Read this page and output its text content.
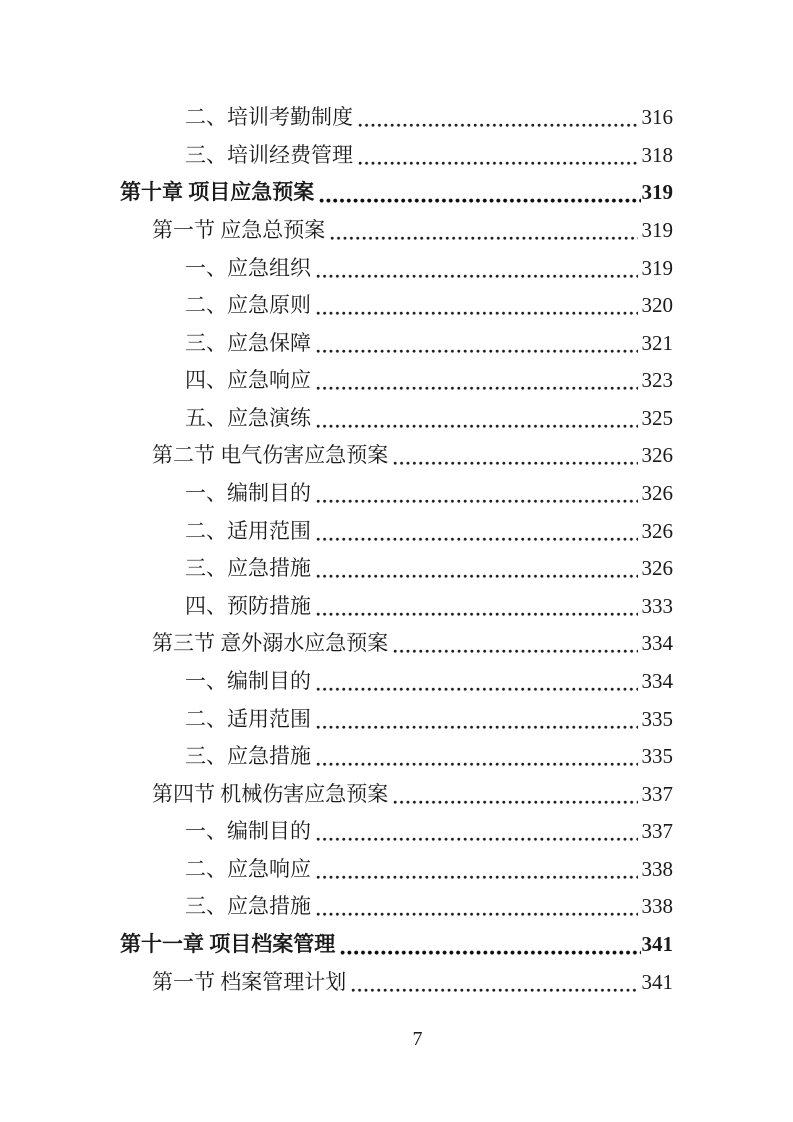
二、培训考勤制度	316
三、培训经费管理	318
第十章 项目应急预案	319
第一节 应急总预案	319
一、应急组织	319
二、应急原则	320
三、应急保障	321
四、应急响应	323
五、应急演练	325
第二节 电气伤害应急预案	326
一、编制目的	326
二、适用范围	326
三、应急措施	326
四、预防措施	333
第三节 意外溺水应急预案	334
一、编制目的	334
二、适用范围	335
三、应急措施	335
第四节 机械伤害应急预案	337
一、编制目的	337
二、应急响应	338
三、应急措施	338
第十一章 项目档案管理	341
第一节 档案管理计划	341
7
